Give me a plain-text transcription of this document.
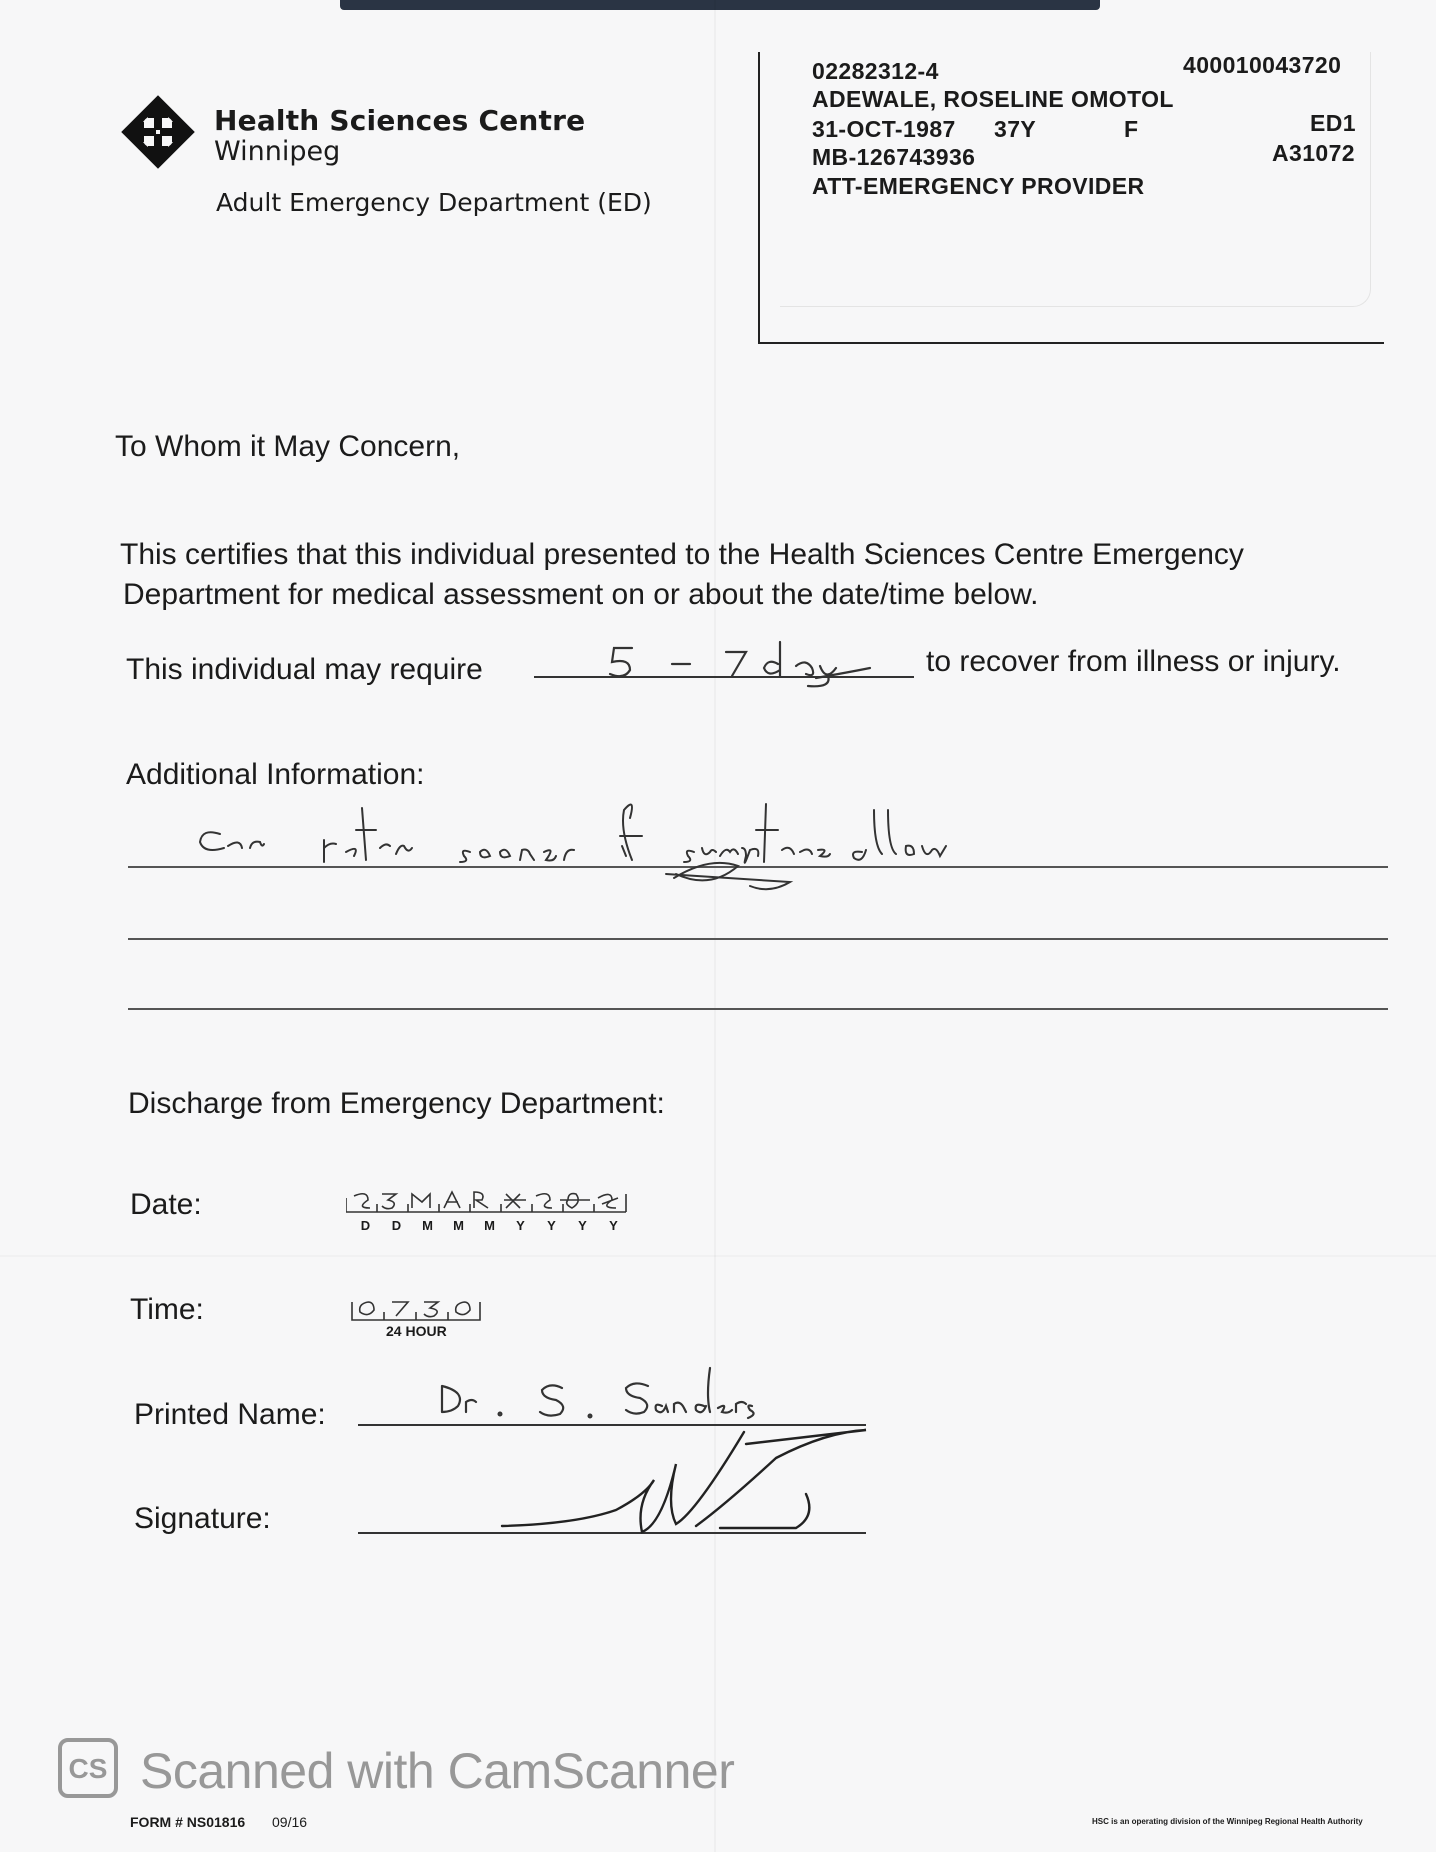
Health Sciences Centre
Winnipeg
Adult Emergency Department (ED)
02282312-4	400010043720
ADEWALE, ROSELINE OMOTOL
31-OCT-1987 37Y	F	ED1
MB-126743936	A31072
ATT-EMERGENCY PROVIDER
To Whom it May Concern,
This certifies that this individual presented to the Health Sciences Centre Emergency
Department for medical assessment on or about the date/time below.
This individual may require	to recover from illness or injury.
Additional Information:
Discharge from Emergency Department:
Date:
D D M M M Y Y Y Y
Time:
24 HOUR
Printed Name:
Signature:
CS Scanned with CamScanner
FORM # NS01816 09/16	HSC is an operating division of the Winnipeg Regional Health Authority
